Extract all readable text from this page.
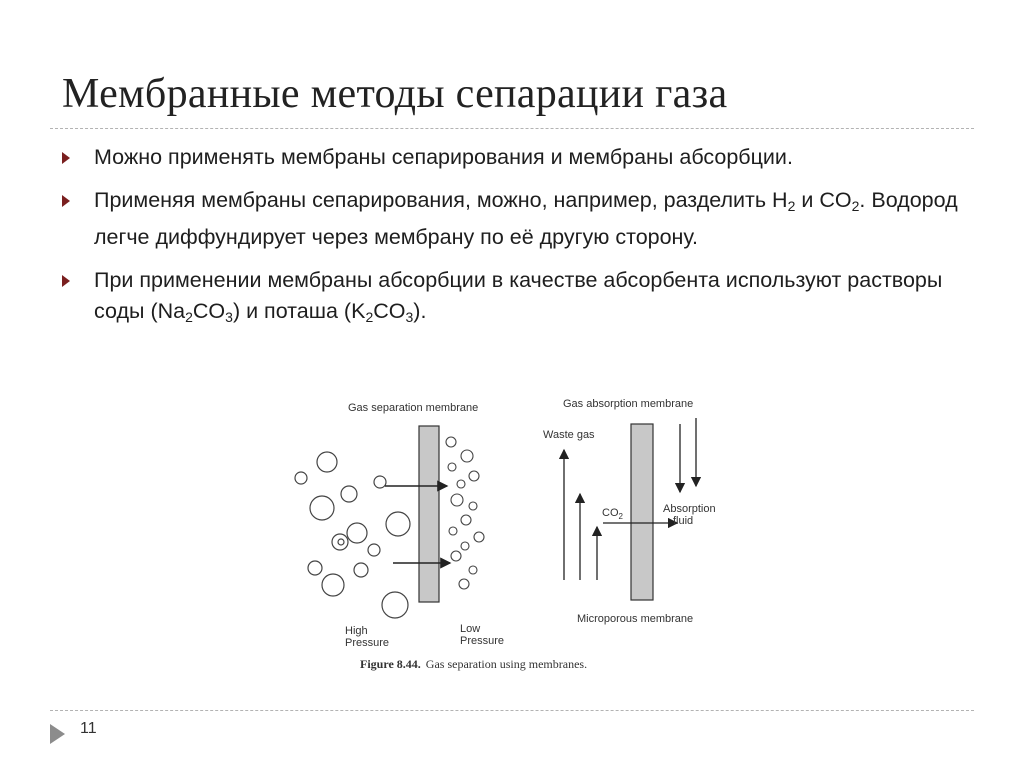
Мембранные методы сепарации газа
Можно применять мембраны сепарирования и мембраны абсорбции.
Применяя мембраны сепарирования, можно, например, разделить $H_2$ и $CO_2$. Водород легче диффундирует через мембрану по её другую сторону.
При применении мембраны абсорбции в качестве абсорбента используют растворы соды $(Na_2CO_3)$ и поташа $(K_2CO_3)$.
Gas separation membrane
High
Pressure
Low
Pressure
Gas absorption membrane
Waste gas
$CO_2$
Absorption
fluid
Microporous membrane
Figure 8.44. Gas separation using membranes.
11
